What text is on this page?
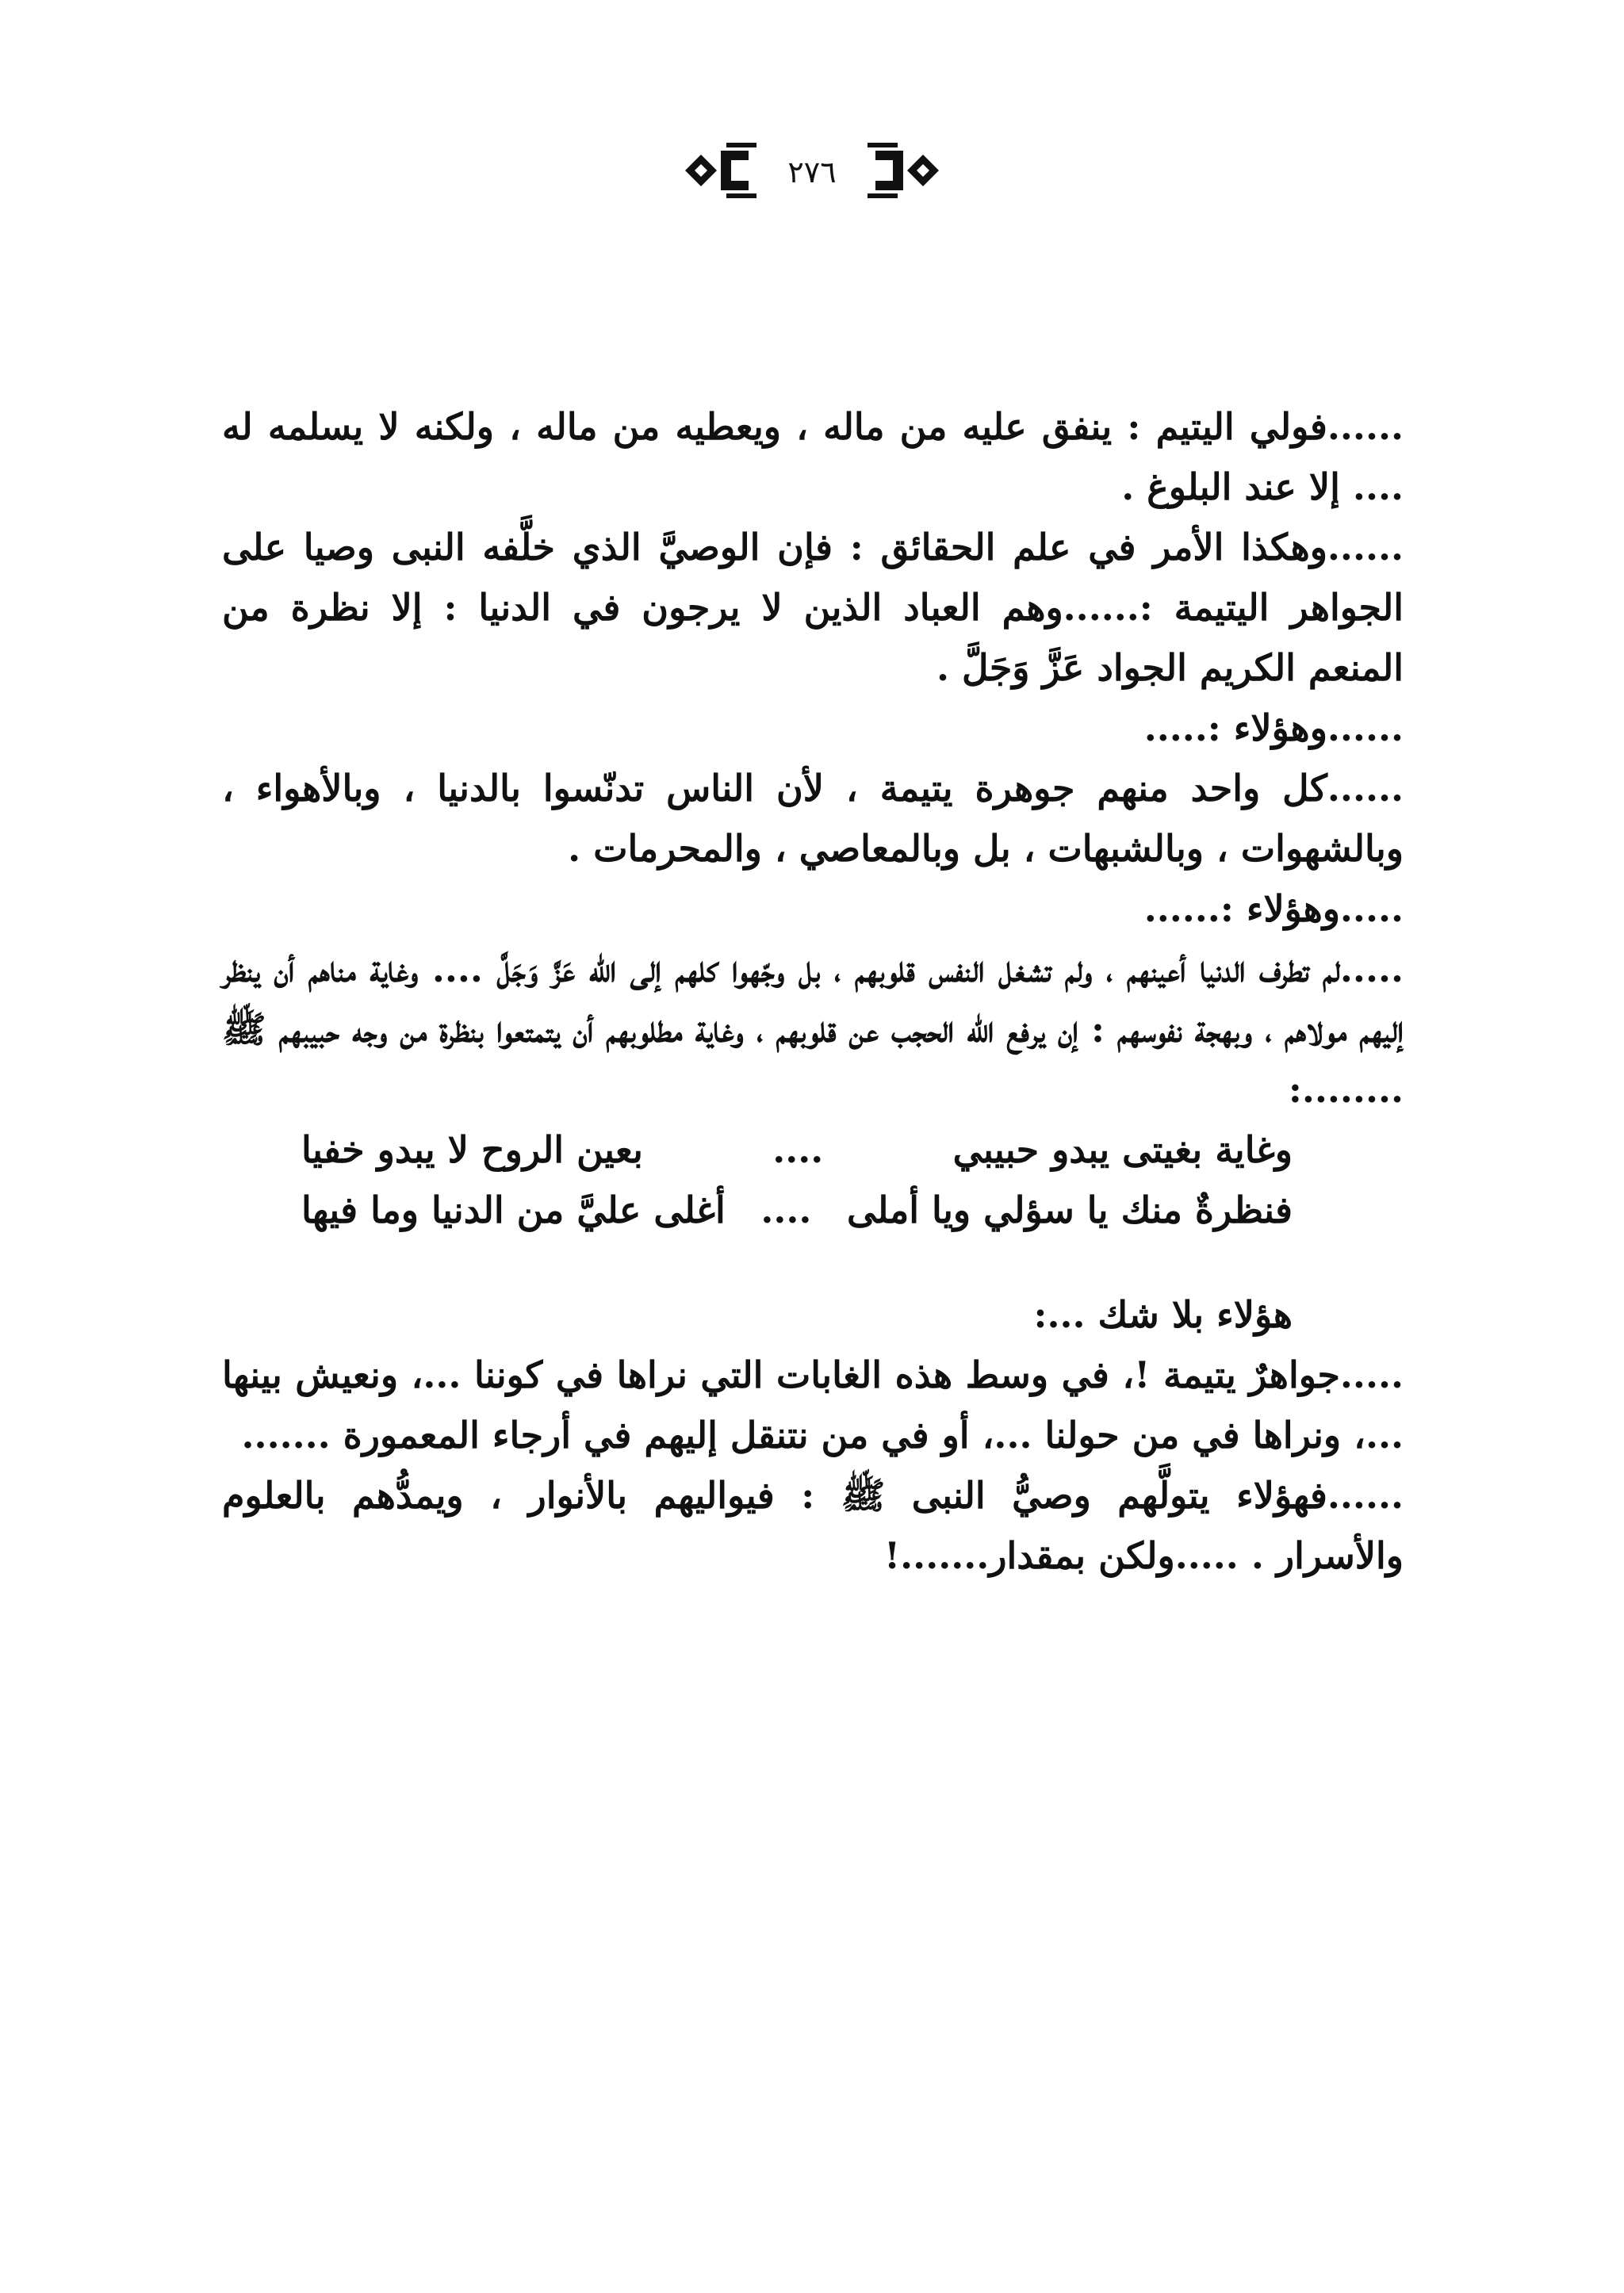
٢٧٦

......فولي اليتيم : ينفق عليه من ماله ، ويعطيه من ماله ، ولكنه لا يسلمه له .... إلا عند البلوغ .

......وهكذا الأمر في علم الحقائق : فإن الوصيَّ الذي خلَّفه النبى وصيا على الجواهر اليتيمة :......وهم العباد الذين لا يرجون في الدنيا : إلا نظرة من المنعم الكريم الجواد عَزَّ وَجَلَّ .

......وهؤلاء :.....

......كل واحد منهم جوهرة يتيمة ، لأن الناس تدنّسوا بالدنيا ، وبالأهواء ، وبالشهوات ، وبالشبهات ، بل وبالمعاصي ، والمحرمات .

.....وهؤلاء :......

.....لم تطرف الدنيا أعينهم ، ولم تشغل النفس قلوبهم ، بل وجّهوا كلهم إلى الله عَزَّ وَجَلَّ .... وغاية مناهم أن ينظر إليهم مولاهم ، وبهجة نفوسهم : إن يرفع الله الحجب عن قلوبهم ، وغاية مطلوبهم أن يتمتعوا بنظرة من وجه حبيبهم ﷺ ........:

وغاية بغيتى يبدو حبيبي
....
بعين الروح لا يبدو خفيا
فنظرةٌ منك يا سؤلي ويا أملى
....
أغلى عليَّ من الدنيا وما فيها

هؤلاء بلا شك ...:

.....جواهرٌ يتيمة !، في وسط هذه الغابات التي نراها في كوننا ...، ونعيش بينها ...، ونراها في من حولنا ...، أو في من نتنقل إليهم في أرجاء المعمورة .......

......فهؤلاء يتولَّهم وصيُّ النبى ﷺ : فيواليهم بالأنوار ، ويمدُّهم بالعلوم والأسرار . .....ولكن بمقدار.......!
